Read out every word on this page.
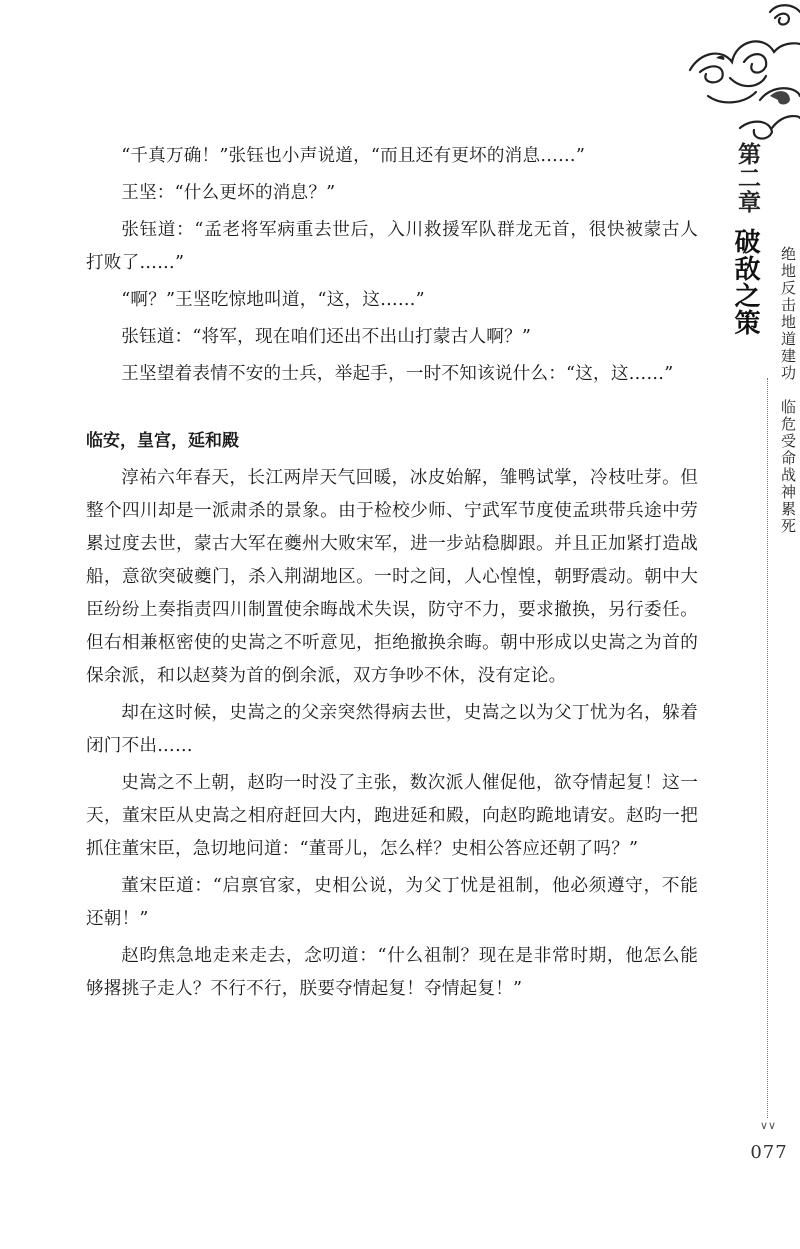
“千真万确！”张钰也小声说道，“而且还有更坏的消息……”

王坚：“什么更坏的消息？”

张钰道：“孟老将军病重去世后，入川救援军队群龙无首，很快被蒙古人打败了……”

“啊？”王坚吃惊地叫道，“这，这……”

张钰道：“将军，现在咱们还出不出山打蒙古人啊？”

王坚望着表情不安的士兵，举起手，一时不知该说什么：“这，这……”

临安，皇宫，延和殿

淳祐六年春天，长江两岸天气回暖，冰皮始解，雏鸭试掌，冷枝吐芽。但整个四川却是一派肃杀的景象。由于检校少师、宁武军节度使孟珙带兵途中劳累过度去世，蒙古大军在夔州大败宋军，进一步站稳脚跟。并且正加紧打造战船，意欲突破夔门，杀入荆湖地区。一时之间，人心惶惶，朝野震动。朝中大臣纷纷上奏指责四川制置使余晦战术失误，防守不力，要求撤换，另行委任。但右相兼枢密使的史嵩之不听意见，拒绝撤换余晦。朝中形成以史嵩之为首的保余派，和以赵葵为首的倒余派，双方争吵不休，没有定论。

却在这时候，史嵩之的父亲突然得病去世，史嵩之以为父丁忧为名，躲着闭门不出……

史嵩之不上朝，赵昀一时没了主张，数次派人催促他，欲夺情起复！这一天，董宋臣从史嵩之相府赶回大内，跑进延和殿，向赵昀跪地请安。赵昀一把抓住董宋臣，急切地问道：“董哥儿，怎么样？史相公答应还朝了吗？”

董宋臣道：“启禀官家，史相公说，为父丁忧是祖制，他必须遵守，不能还朝！”

赵昀焦急地走来走去，念叨道：“什么祖制？现在是非常时期，他怎么能够撂挑子走人？不行不行，朕要夺情起复！夺情起复！”

第二章
破敌之策	绝地反击地道建功　临危受命战神累死
∨∨
077
